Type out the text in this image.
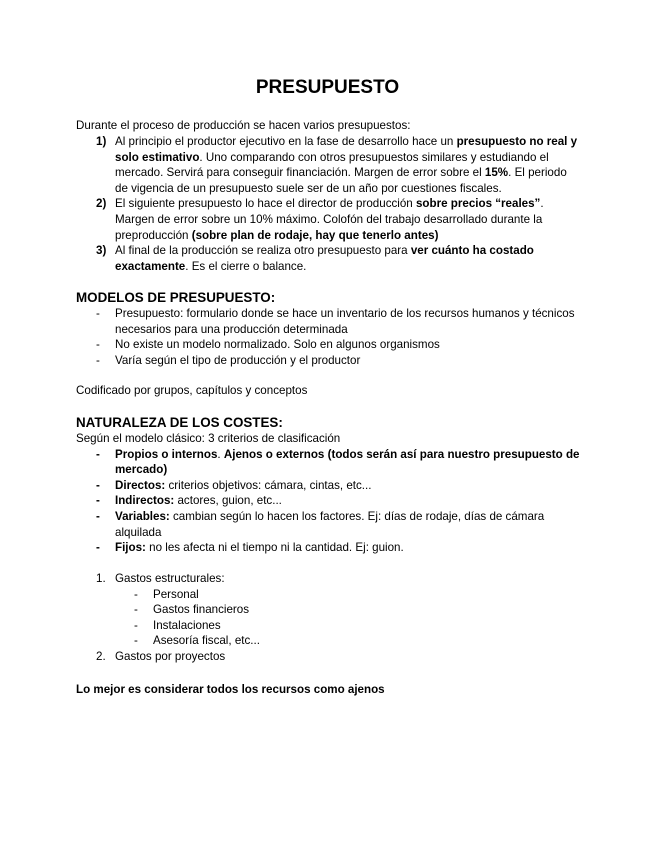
PRESUPUESTO
Durante el proceso de producción se hacen varios presupuestos:
1) Al principio el productor ejecutivo en la fase de desarrollo hace un presupuesto no real y solo estimativo. Uno comparando con otros presupuestos similares y estudiando el mercado. Servirá para conseguir financiación. Margen de error sobre el 15%. El periodo de vigencia de un presupuesto suele ser de un año por cuestiones fiscales.
2) El siguiente presupuesto lo hace el director de producción sobre precios “reales”. Margen de error sobre un 10% máximo. Colofón del trabajo desarrollado durante la preproducción (sobre plan de rodaje, hay que tenerlo antes)
3) Al final de la producción se realiza otro presupuesto para ver cuánto ha costado exactamente. Es el cierre o balance.
MODELOS DE PRESUPUESTO:
- Presupuesto: formulario donde se hace un inventario de los recursos humanos y técnicos necesarios para una producción determinada
- No existe un modelo normalizado. Solo en algunos organismos
- Varía según el tipo de producción y el productor
Codificado por grupos, capítulos y conceptos
NATURALEZA DE LOS COSTES:
Según el modelo clásico: 3 criterios de clasificación
- Propios o internos. Ajenos o externos (todos serán así para nuestro presupuesto de mercado)
- Directos: criterios objetivos: cámara, cintas, etc...
- Indirectos: actores, guion, etc...
- Variables: cambian según lo hacen los factores. Ej: días de rodaje, días de cámara alquilada
- Fijos: no les afecta ni el tiempo ni la cantidad. Ej: guion.
1. Gastos estructurales:
- Personal
- Gastos financieros
- Instalaciones
- Asesoría fiscal, etc...
2. Gastos por proyectos
Lo mejor es considerar todos los recursos como ajenos
